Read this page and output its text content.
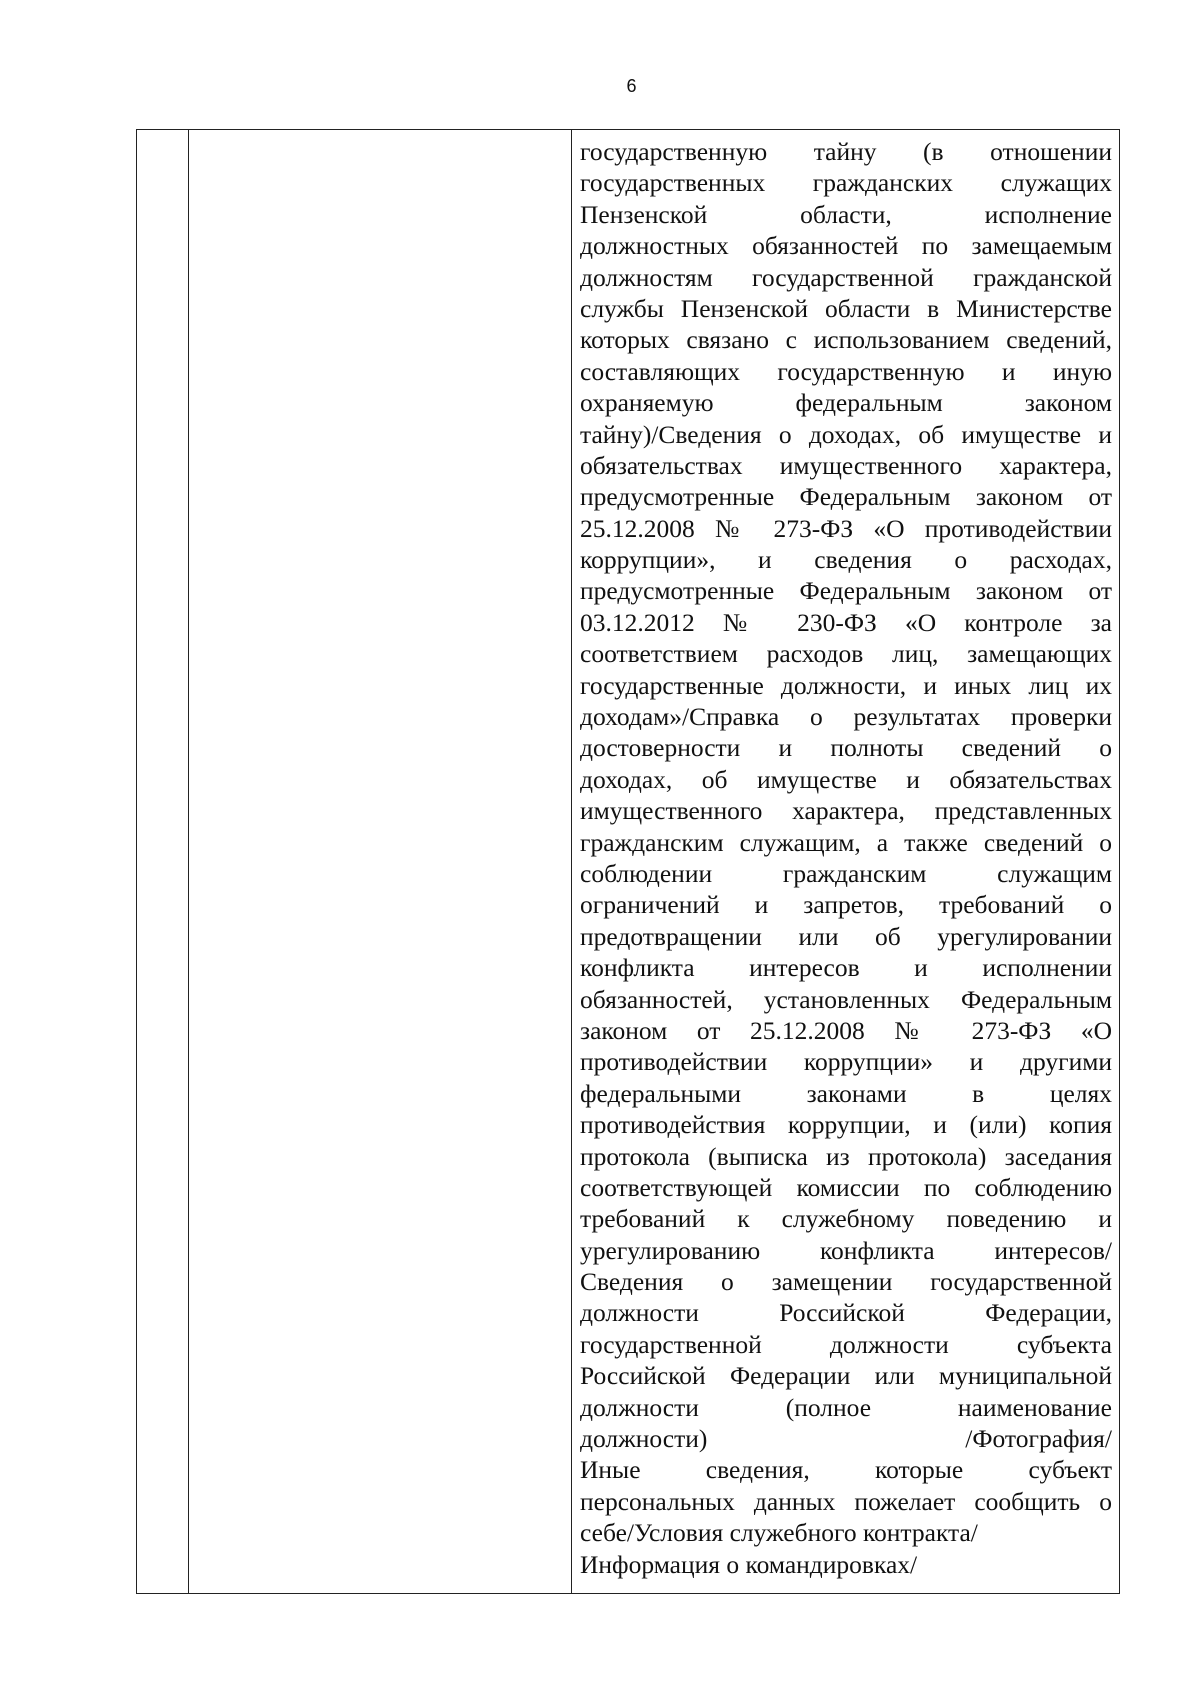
6
государственную тайну (в отношении
государственных гражданских служащих
Пензенской области, исполнение
должностных обязанностей по замещаемым
должностям государственной гражданской
службы Пензенской области в Министерстве
которых связано с использованием сведений,
составляющих государственную и иную
охраняемую федеральным законом
тайну)/Сведения о доходах, об имуществе и
обязательствах имущественного характера,
предусмотренные Федеральным законом от
25.12.2008 № 273-ФЗ «О противодействии
коррупции», и сведения о расходах,
предусмотренные Федеральным законом от
03.12.2012 № 230-ФЗ «О контроле за
соответствием расходов лиц, замещающих
государственные должности, и иных лиц их
доходам»/Справка о результатах проверки
достоверности и полноты сведений о
доходах, об имуществе и обязательствах
имущественного характера, представленных
гражданским служащим, а также сведений о
соблюдении гражданским служащим
ограничений и запретов, требований о
предотвращении или об урегулировании
конфликта интересов и исполнении
обязанностей, установленных Федеральным
законом от 25.12.2008 № 273-ФЗ «О
противодействии коррупции» и другими
федеральными законами в целях
противодействия коррупции, и (или) копия
протокола (выписка из протокола) заседания
соответствующей комиссии по соблюдению
требований к служебному поведению и
урегулированию конфликта интересов/
Сведения о замещении государственной
должности Российской Федерации,
государственной должности субъекта
Российской Федерации или муниципальной
должности (полное наименование
должности) /Фотография/
Иные сведения, которые субъект
персональных данных пожелает сообщить о
себе/Условия служебного контракта/
Информация о командировках/
